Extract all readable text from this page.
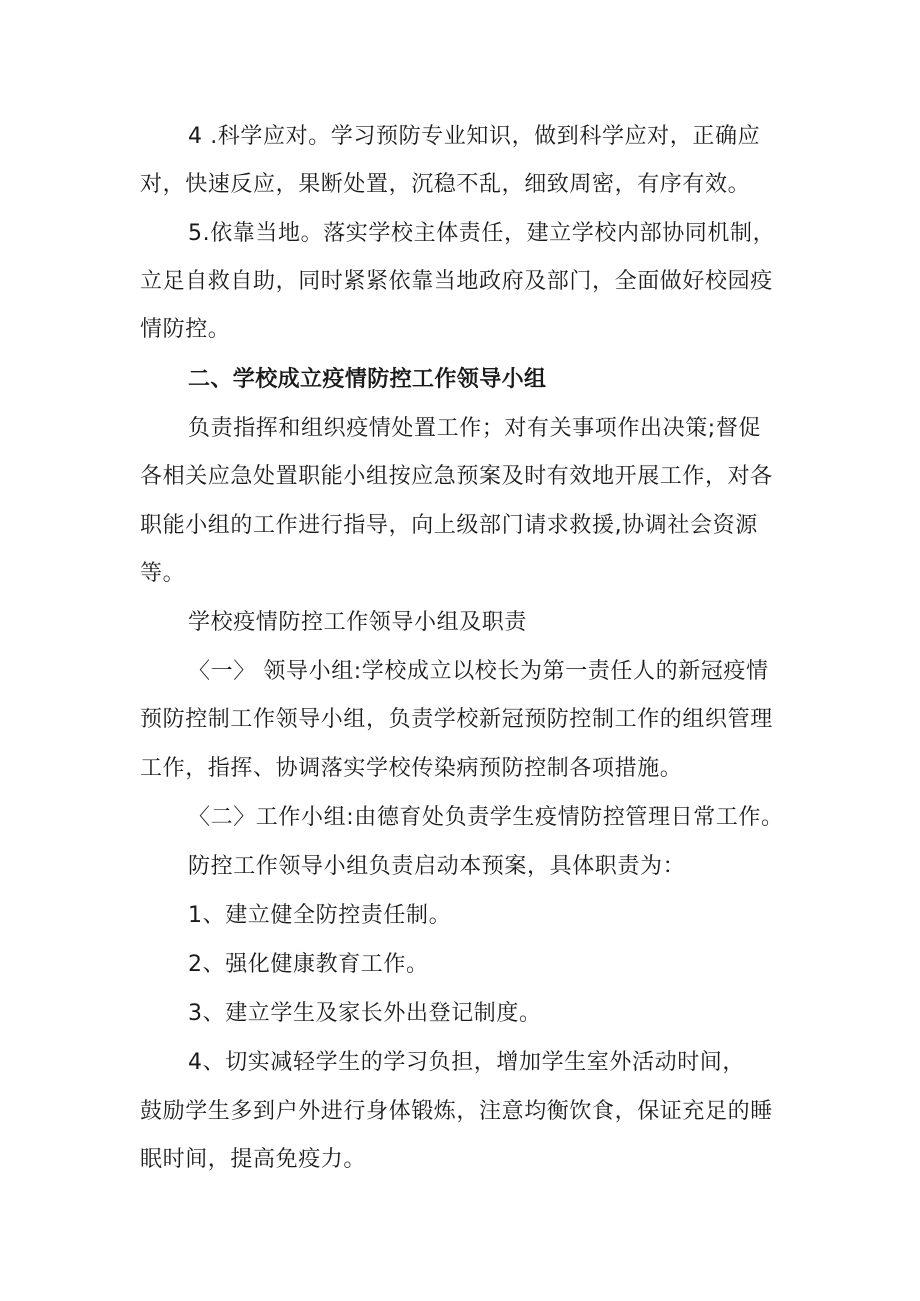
4 .科学应对。学习预防专业知识，做到科学应对，正确应
对，快速反应，果断处置，沉稳不乱，细致周密，有序有效。
5.依靠当地。落实学校主体责任，建立学校内部协同机制，
立足自救自助，同时紧紧依靠当地政府及部门，全面做好校园疫
情防控。
二、学校成立疫情防控工作领导小组
负责指挥和组织疫情处置工作；对有关事项作出决策;督促
各相关应急处置职能小组按应急预案及时有效地开展工作，对各
职能小组的工作进行指导，向上级部门请求救援,协调社会资源
等。
学校疫情防控工作领导小组及职责
〈一〉 领导小组:学校成立以校长为第一责任人的新冠疫情
预防控制工作领导小组，负责学校新冠预防控制工作的组织管理
工作，指挥、协调落实学校传染病预防控制各项措施。
〈二〉工作小组:由德育处负责学生疫情防控管理日常工作。
防控工作领导小组负责启动本预案，具体职责为：
1、建立健全防控责任制。
2、强化健康教育工作。
3、建立学生及家长外出登记制度。
4、切实减轻学生的学习负担，增加学生室外活动时间，
鼓励学生多到户外进行身体锻炼，注意均衡饮食，保证充足的睡
眠时间，提高免疫力。
